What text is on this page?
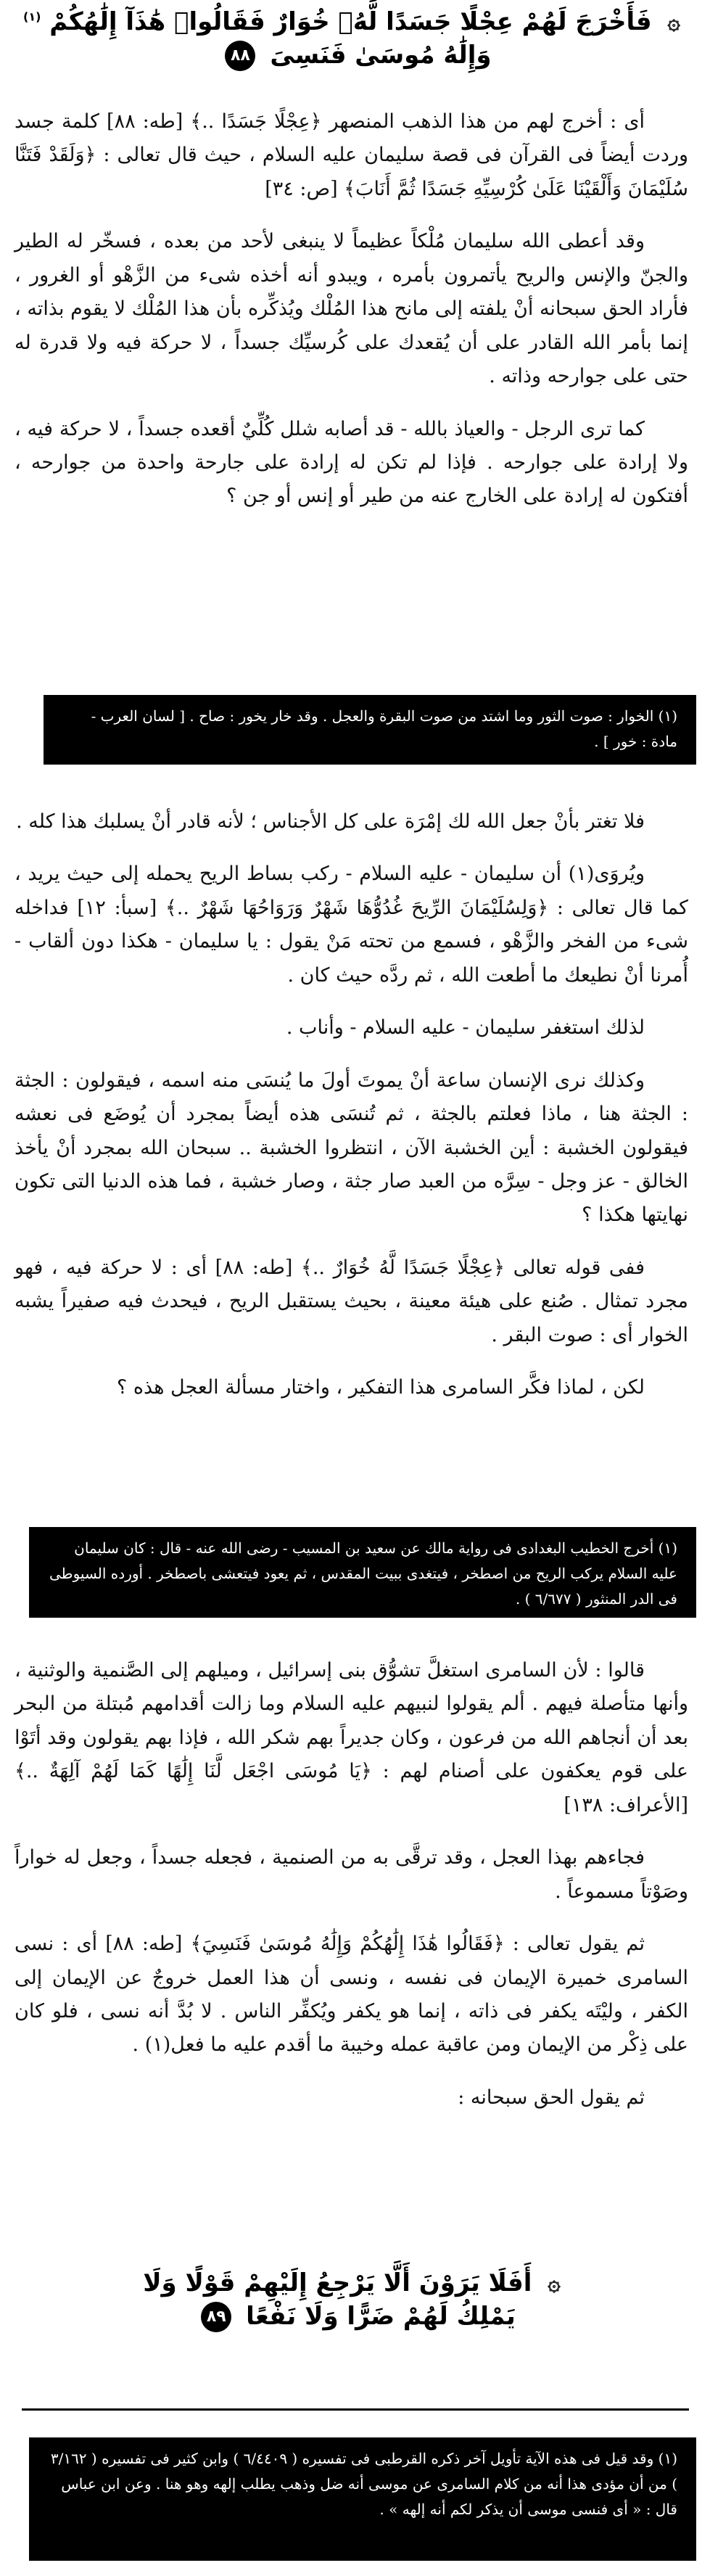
۞ فَأَخْرَجَ لَهُمْ عِجْلًا جَسَدًا لَّهُۥ خُوَارٌ فَقَالُوا۟ هَٰذَآ إِلَٰهُكُمْ $^{(١)}$
وَإِلَٰهُ مُوسَىٰ فَنَسِىَ ٨٨

أى : أخرج لهم من هذا الذهب المنصهر ﴿عِجْلًا جَسَدًا ..﴾ [طه: ٨٨] كلمة جسد وردت أيضاً فى القرآن فى قصة سليمان عليه السلام ، حيث قال تعالى : ﴿وَلَقَدْ فَتَنَّا سُلَيْمَانَ وَأَلْقَيْنَا عَلَىٰ كُرْسِيِّهِ جَسَدًا ثُمَّ أَنَابَ﴾ [ص: ٣٤]

وقد أعطى الله سليمان مُلْكاً عظيماً لا ينبغى لأحد من بعده ، فسخّر له الطير والجنّ والإنس والريح يأتمرون بأمره ، ويبدو أنه أخذه شىء من الزَّهْو أو الغرور ، فأراد الحق سبحانه أنْ يلفته إلى مانح هذا المُلْك ويُذكِّره بأن هذا المُلْك لا يقوم بذاته ، إنما بأمر الله القادر على أن يُقعدك على كُرسيِّك جسداً ، لا حركة فيه ولا قدرة له حتى على جوارحه وذاته .

كما ترى الرجل - والعياذ بالله - قد أصابه شلل كُلِّيٌ أقعده جسداً ، لا حركة فيه ، ولا إرادة على جوارحه . فإذا لم تكن له إرادة على جارحة واحدة من جوارحه ، أفتكون له إرادة على الخارج عنه من طير أو إنس أو جن ؟

(١) الخوار : صوت الثور وما اشتد من صوت البقرة والعجل . وقد خار يخور : صاح . [ لسان العرب - مادة : خور ] .

فلا تغتر بأنْ جعل الله لك إمْرَة على كل الأجناس ؛ لأنه قادر أنْ يسلبك هذا كله .

ويُروَى(١) أن سليمان - عليه السلام - ركب بساط الريح يحمله إلى حيث يريد ، كما قال تعالى : ﴿وَلِسُلَيْمَانَ الرِّيحَ غُدُوُّهَا شَهْرٌ وَرَوَاحُهَا شَهْرٌ ..﴾ [سبأ: ١٢] فداخله شىء من الفخر والزَّهْو ، فسمع من تحته مَنْ يقول : يا سليمان - هكذا دون ألقاب - أُمرنا أنْ نطيعك ما أطعت الله ، ثم ردَّه حيث كان .

لذلك استغفر سليمان - عليه السلام - وأناب .

وكذلك نرى الإنسان ساعة أنْ يموتَ أولَ ما يُنسَى منه اسمه ، فيقولون : الجثة : الجثة هنا ، ماذا فعلتم بالجثة ، ثم تُنسَى هذه أيضاً بمجرد أن يُوضَع فى نعشه فيقولون الخشبة : أين الخشبة الآن ، انتظروا الخشبة .. سبحان الله بمجرد أنْ يأخذ الخالق - عز وجل - سِرَّه من العبد صار جثة ، وصار خشبة ، فما هذه الدنيا التى تكون نهايتها هكذا ؟

ففى قوله تعالى ﴿عِجْلًا جَسَدًا لَّهُ خُوَارٌ ..﴾ [طه: ٨٨] أى : لا حركة فيه ، فهو مجرد تمثال . صُنع على هيئة معينة ، بحيث يستقبل الريح ، فيحدث فيه صفيراً يشبه الخوار أى : صوت البقر .

لكن ، لماذا فكَّر السامرى هذا التفكير ، واختار مسألة العجل هذه ؟

(١) أخرج الخطيب البغدادى فى رواية مالك عن سعيد بن المسيب - رضى الله عنه - قال : كان سليمان عليه السلام يركب الريح من اصطخر ، فيتغدى ببيت المقدس ، ثم يعود فيتعشى باصطخر . أورده السيوطى فى الدر المنثور ( ٦/٦٧٧ ) .

قالوا : لأن السامرى استغلَّ تشوُّق بنى إسرائيل ، وميلهم إلى الصَّنمية والوثنية ، وأنها متأصلة فيهم . ألم يقولوا لنبيهم عليه السلام وما زالت أقدامهم مُبتلة من البحر بعد أن أنجاهم الله من فرعون ، وكان جديراً بهم شكر الله ، فإذا بهم يقولون وقد أتَوْا على قوم يعكفون على أصنام لهم : ﴿يَا مُوسَى اجْعَل لَّنَا إِلَٰهًا كَمَا لَهُمْ آلِهَةٌ ..﴾ [الأعراف: ١٣٨]

فجاءهم بهذا العجل ، وقد ترقَّى به من الصنمية ، فجعله جسداً ، وجعل له خواراً وصَوْتاً مسموعاً .

ثم يقول تعالى : ﴿فَقَالُوا هَٰذَا إِلَٰهُكُمْ وَإِلَٰهُ مُوسَىٰ فَنَسِيَ﴾ [طه: ٨٨] أى : نسى السامرى خميرة الإيمان فى نفسه ، ونسى أن هذا العمل خروجٌ عن الإيمان إلى الكفر ، وليْتَه يكفر فى ذاته ، إنما هو يكفر ويُكفِّر الناس . لا بُدَّ أنه نسى ، فلو كان على ذِكْر من الإيمان ومن عاقبة عمله وخيبة ما أقدم عليه ما فعل(١) .

ثم يقول الحق سبحانه :

۞ أَفَلَا يَرَوْنَ أَلَّا يَرْجِعُ إِلَيْهِمْ قَوْلًا وَلَا
يَمْلِكُ لَهُمْ ضَرًّا وَلَا نَفْعًا ٨٩
(١) وقد قيل فى هذه الآية تأويل آخر ذكره القرطبى فى تفسيره ( ٦/٤٤٠٩ ) وابن كثير فى تفسيره ( ٣/١٦٢ ) من أن مؤدى هذا أنه من كلام السامرى عن موسى أنه ضل وذهب يطلب إلهه وهو هنا . وعن ابن عباس قال : « أى فنسى موسى أن يذكر لكم أنه إلهه » .
